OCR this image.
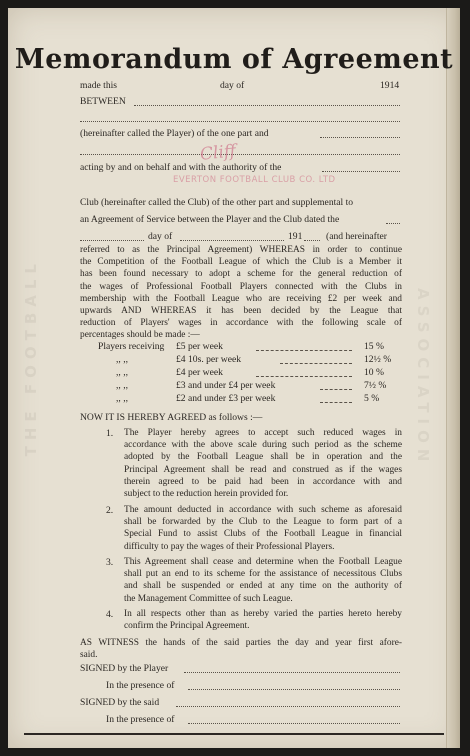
THE FOOTBALL	ASSOCIATION
Memorandum of Agreement
made this	day of	1914
BETWEEN
(hereinafter called the Player) of the one part and
Cliff
acting by and on behalf and with the authority of the
EVERTON FOOTBALL CLUB CO. LTD
Club (hereinafter called the Club) of the other part and supplemental to
an Agreement of Service between the Player and the Club dated the
day of	191 (and hereinafter
referred to as the Principal Agreement) WHEREAS in order to continue
the Competition of the Football League of which the Club is a Member it
has been found necessary to adopt a scheme for the general reduction of
the wages of Professional Football Players connected with the Clubs in
membership with the Football League who are receiving £2 per week and
upwards AND WHEREAS it has been decided by the League that
reduction of Players' wages in accordance with the following scale of
percentages should be made :—
Players receiving £5 per week	15 %
,, ,,	£4 10s. per week	12½ %
,, ,,	£4 per week	10 %
,, ,,	£3 and under £4 per week	7½ %
,, ,,	£2 and under £3 per week	5 %
NOW IT IS HEREBY AGREED as follows :—
1. The Player hereby agrees to accept such reduced wages in
accordance with the above scale during such period as the scheme
adopted by the Football League shall be in operation and the
Principal Agreement shall be read and construed as if the wages
therein agreed to be paid had been in accordance with and
subject to the reduction herein provided for.
2. The amount deducted in accordance with such scheme as aforesaid
shall be forwarded by the Club to the League to form part of a
Special Fund to assist Clubs of the Football League in financial
difficulty to pay the wages of their Professional Players.
3. This Agreement shall cease and determine when the Football League
shall put an end to its scheme for the assistance of necessitous Clubs
and shall be suspended or ended at any time on the authority of
the Management Committee of such League.
4. In all respects other than as hereby varied the parties hereto hereby
confirm the Principal Agreement.
AS WITNESS the hands of the said parties the day and year first afore-
said.
SIGNED by the Player
In the presence of
SIGNED by the said
In the presence of
